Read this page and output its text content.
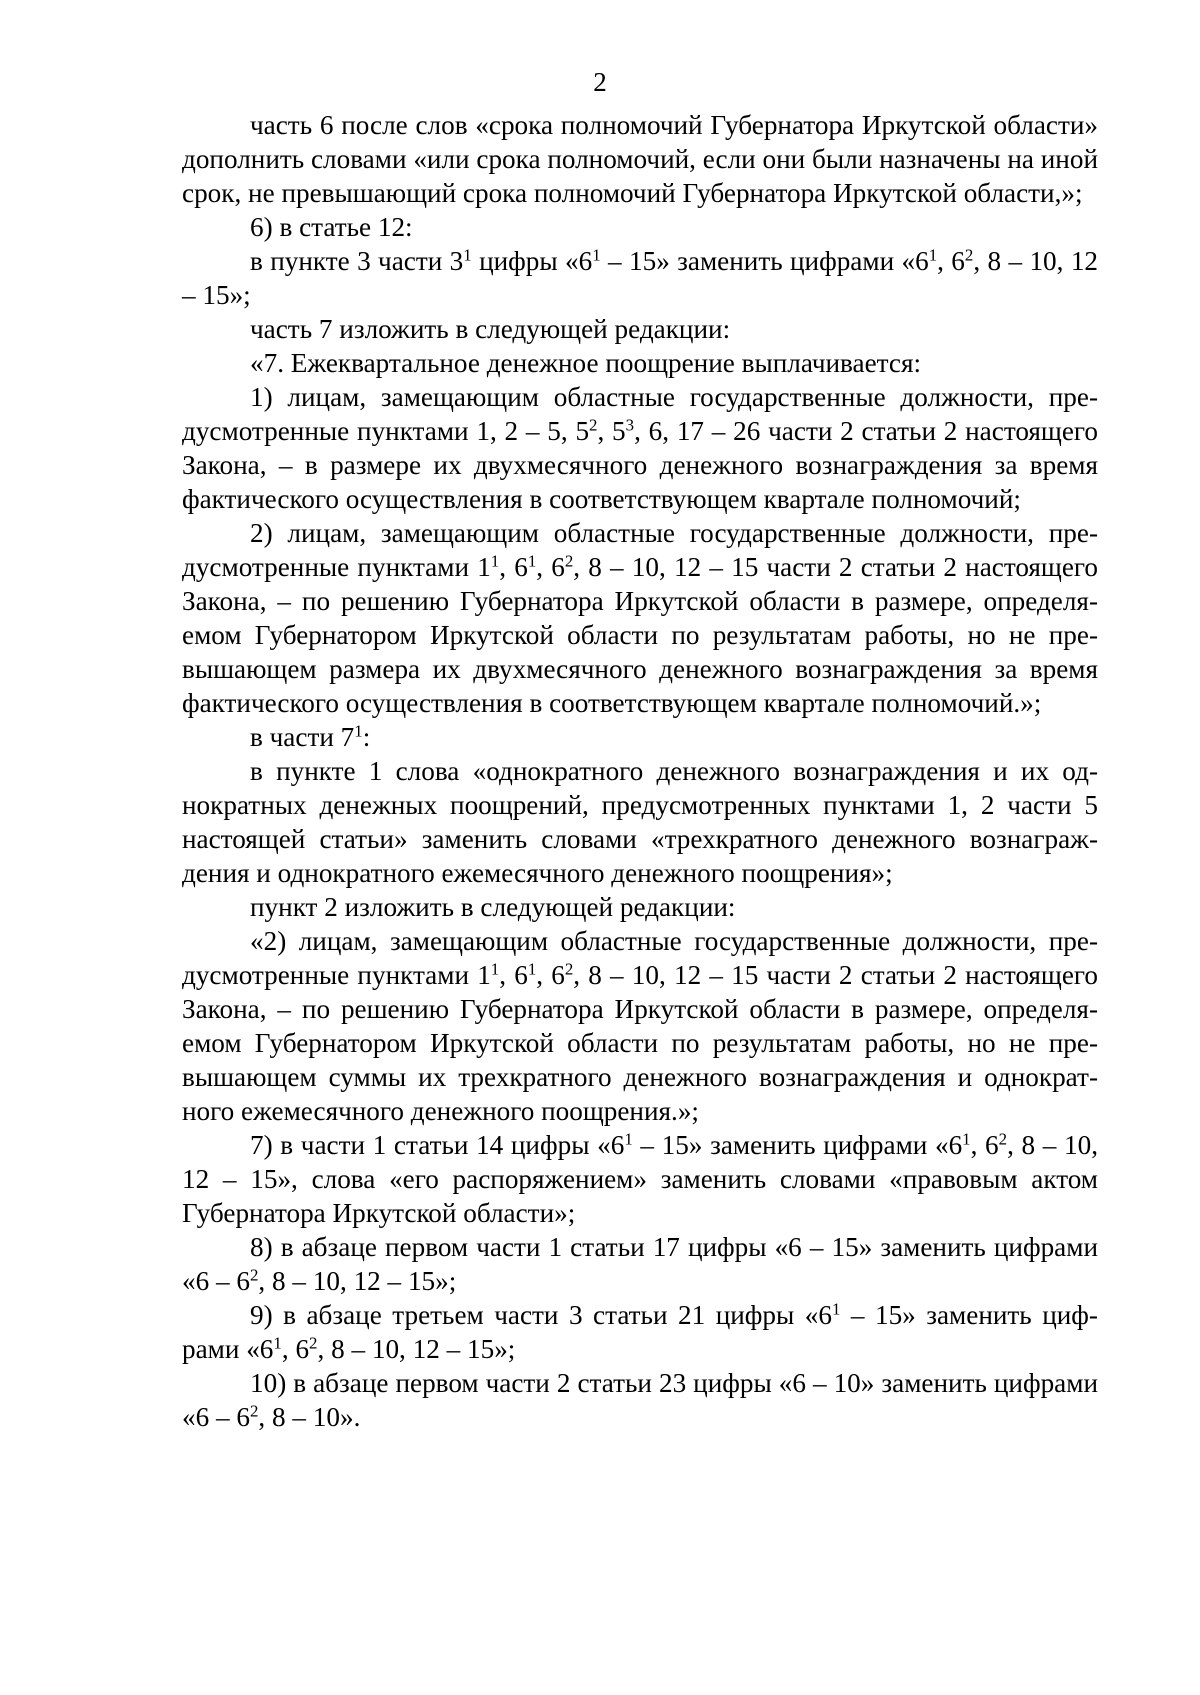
2

часть 6 после слов «срока полномочий Губернатора Иркутской области» дополнить словами «или срока полномочий, если они были назначены на иной срок, не превышающий срока полномочий Губернатора Иркутской области,»;

6) в статье 12:

в пункте 3 части $3^1$ цифры «$6^1 - 15$» заменить цифрами «$6^1$, $6^2$, 8 – 10, 12 – 15»;

часть 7 изложить в следующей редакции:

«7. Ежеквартальное денежное поощрение выплачивается:

1) лицам, замещающим областные государственные должности, предусмотренные пунктами 1, 2 – 5, $5^2$, $5^3$, 6, 17 – 26 части 2 статьи 2 настоящего Закона, – в размере их двухмесячного денежного вознаграждения за время фактического осуществления в соответствующем квартале полномочий;

2) лицам, замещающим областные государственные должности, предусмотренные пунктами $1^1$, $6^1$, $6^2$, 8 – 10, 12 – 15 части 2 статьи 2 настоящего Закона, – по решению Губернатора Иркутской области в размере, определяемом Губернатором Иркутской области по результатам работы, но не превышающем размера их двухмесячного денежного вознаграждения за время фактического осуществления в соответствующем квартале полномочий.»;

в части $7^1$:

в пункте 1 слова «однократного денежного вознаграждения и их однократных денежных поощрений, предусмотренных пунктами 1, 2 части 5 настоящей статьи» заменить словами «трехкратного денежного вознаграждения и однократного ежемесячного денежного поощрения»;

пункт 2 изложить в следующей редакции:

«2) лицам, замещающим областные государственные должности, предусмотренные пунктами $1^1$, $6^1$, $6^2$, 8 – 10, 12 – 15 части 2 статьи 2 настоящего Закона, – по решению Губернатора Иркутской области в размере, определяемом Губернатором Иркутской области по результатам работы, но не превышающем суммы их трехкратного денежного вознаграждения и однократного ежемесячного денежного поощрения.»;

7) в части 1 статьи 14 цифры «$6^1 - 15$» заменить цифрами «$6^1$, $6^2$, 8 – 10, 12 – 15», слова «его распоряжением» заменить словами «правовым актом Губернатора Иркутской области»;

8) в абзаце первом части 1 статьи 17 цифры «6 – 15» заменить цифрами «$6 - 6^2$, 8 – 10, 12 – 15»;

9) в абзаце третьем части 3 статьи 21 цифры «$6^1 - 15$» заменить цифрами «$6^1$, $6^2$, 8 – 10, 12 – 15»;

10) в абзаце первом части 2 статьи 23 цифры «6 – 10» заменить цифрами «$6 - 6^2$, 8 – 10».
